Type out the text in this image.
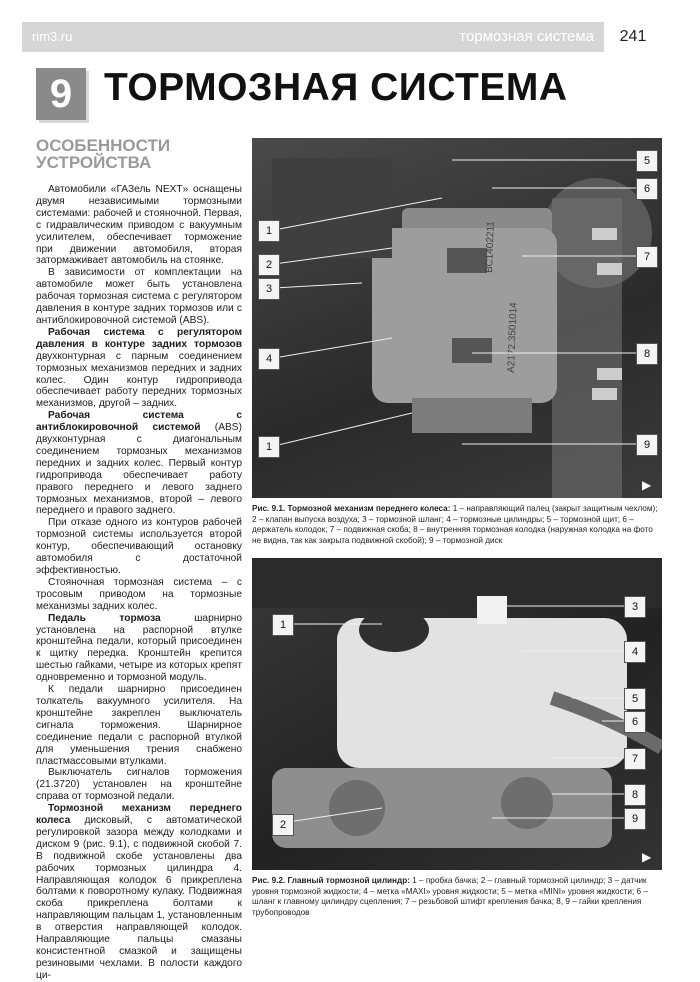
rim3.ru	тормозная система	241
9 ТОРМОЗНАЯ СИСТЕМА
ОСОБЕННОСТИ
УСТРОЙСТВА

Автомобили «ГАЗель NEXT» оснащены двумя независимыми тормозными системами: рабочей и стояночной. Первая, с гидравлическим приводом с вакуумным усилителем, обеспечивает торможение при движении автомобиля, вторая затормаживает автомобиль на стоянке.

В зависимости от комплектации на автомобиле может быть установлена рабочая тормозная система с регулятором давления в контуре задних тормозов или с антиблокировочной системой (ABS).

Рабочая система с регулятором давления в контуре задних тормозов двухконтурная с парным соединением тормозных механизмов передних и задних колес. Один контур гидропривода обеспечивает работу передних тормозных механизмов, другой – задних.

Рабочая система с антиблокировочной системой (ABS) двухконтурная с диагональным соединением тормозных механизмов передних и задних колес. Первый контур гидропривода обеспечивает работу правого переднего и левого заднего тормозных механизмов, второй – левого переднего и правого заднего.

При отказе одного из контуров рабочей тормозной системы используется второй контур, обеспечивающий остановку автомобиля с достаточной эффективностью.

Стояночная тормозная система – с тросовым приводом на тормозные механизмы задних колес.

Педаль тормоза шарнирно установлена на распорной втулке кронштейна педали, который присоединен к щитку передка. Кронштейн крепится шестью гайками, четыре из которых крепят одновременно и тормозной модуль.

К педали шарнирно присоединен толкатель вакуумного усилителя. На кронштейне закреплен выключатель сигнала торможения. Шарнирное соединение педали с распорной втулкой для уменьшения трения снабжено пластмассовыми втулками.

Выключатель сигналов торможения (21.3720) установлен на кронштейне справа от тормозной педали.

Тормозной механизм переднего колеса дисковый, с автоматической регулировкой зазора между колодками и диском 9 (рис. 9.1), с подвижной скобой 7. В подвижной скобе установлены два рабочих тормозных цилиндра 4. Направляющая колодок 6 прикреплена болтами к поворотному кулаку. Подвижная скоба прикреплена болтами к направляющим пальцам 1, установленным в отверстия направляющей колодок. Направляющие пальцы смазаны консистентной смазкой и защищены резиновыми чехлами. В полости каждого ци-

ВС1402211
А2172.3501014
1
2
3
4
1
5
6
7
8
9
▶
Рис. 9.1. Тормозной механизм переднего колеса: 1 – направляющий палец (закрыт защитным чехлом); 2 – клапан выпуска воздуха; 3 – тормозной шланг; 4 – тормозные цилиндры; 5 – тормозной щит; 6 – держатель колодок; 7 – подвижная скоба; 8 – внутренняя тормозная колодка (наружная колодка на фото не видна, так как закрыта подвижной скобой); 9 – тормозной диск
1
2
3
4
5
6
7
8
9
▶
Рис. 9.2. Главный тормозной цилиндр: 1 – пробка бачка; 2 – главный тормозной цилиндр; 3 – датчик уровня тормозной жидкости; 4 – метка «MAXI» уровня жидкости; 5 – метка «MINI» уровня жидкости; 6 – шланг к главному цилиндру сцепления; 7 – резьбовой штифт крепления бачка; 8, 9 – гайки крепления трубопроводов
